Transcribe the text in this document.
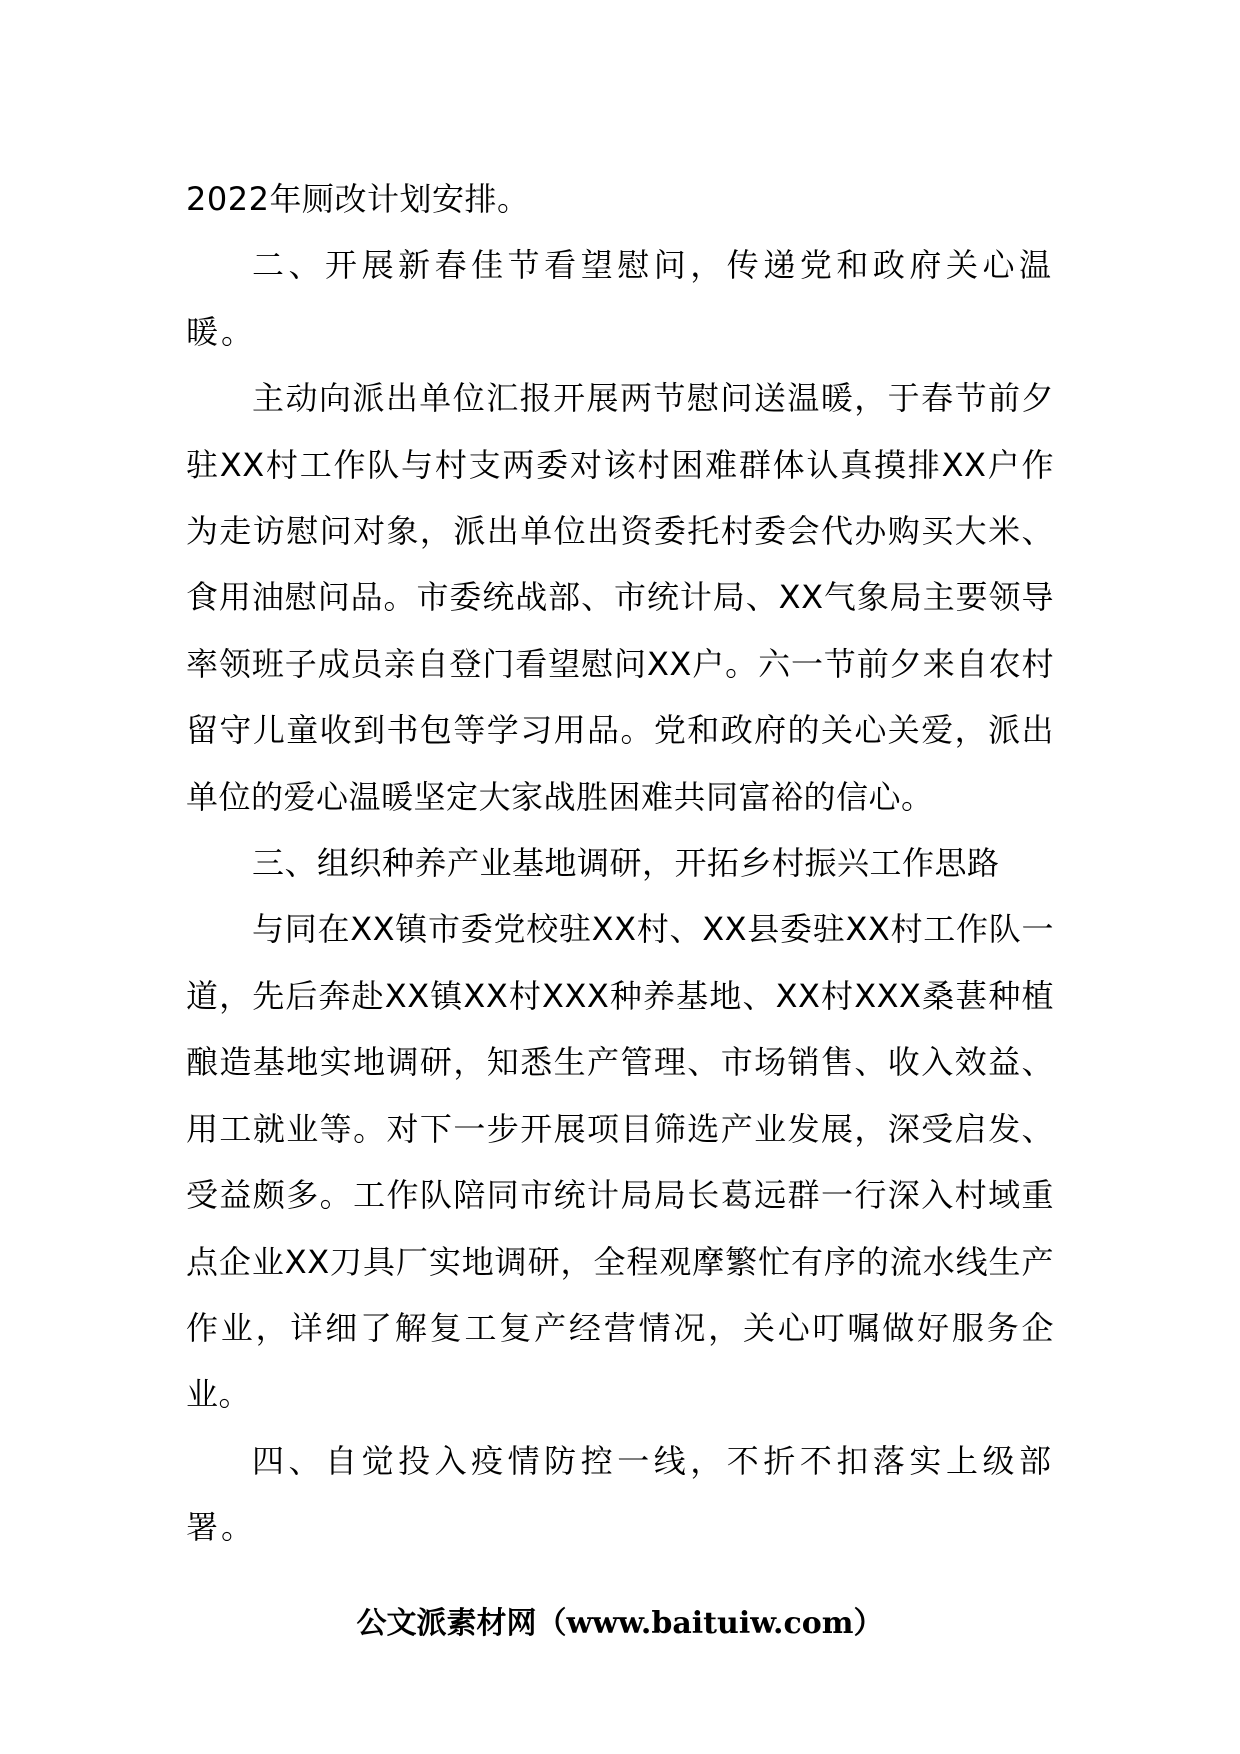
2022年厕改计划安排。

二、开展新春佳节看望慰问，传递党和政府关心温暖。

主动向派出单位汇报开展两节慰问送温暖，于春节前夕驻XX村工作队与村支两委对该村困难群体认真摸排XX户作为走访慰问对象，派出单位出资委托村委会代办购买大米、食用油慰问品。市委统战部、市统计局、XX气象局主要领导率领班子成员亲自登门看望慰问XX户。六一节前夕来自农村留守儿童收到书包等学习用品。党和政府的关心关爱，派出单位的爱心温暖坚定大家战胜困难共同富裕的信心。

三、组织种养产业基地调研，开拓乡村振兴工作思路

与同在XX镇市委党校驻XX村、XX县委驻XX村工作队一道，先后奔赴XX镇XX村XXX种养基地、XX村XXX桑葚种植酿造基地实地调研，知悉生产管理、市场销售、收入效益、用工就业等。对下一步开展项目筛选产业发展，深受启发、受益颇多。工作队陪同市统计局局长葛远群一行深入村域重点企业XX刀具厂实地调研，全程观摩繁忙有序的流水线生产作业，详细了解复工复产经营情况，关心叮嘱做好服务企业。

四、自觉投入疫情防控一线，不折不扣落实上级部署。

公文派素材网（www.baituiw.com）
